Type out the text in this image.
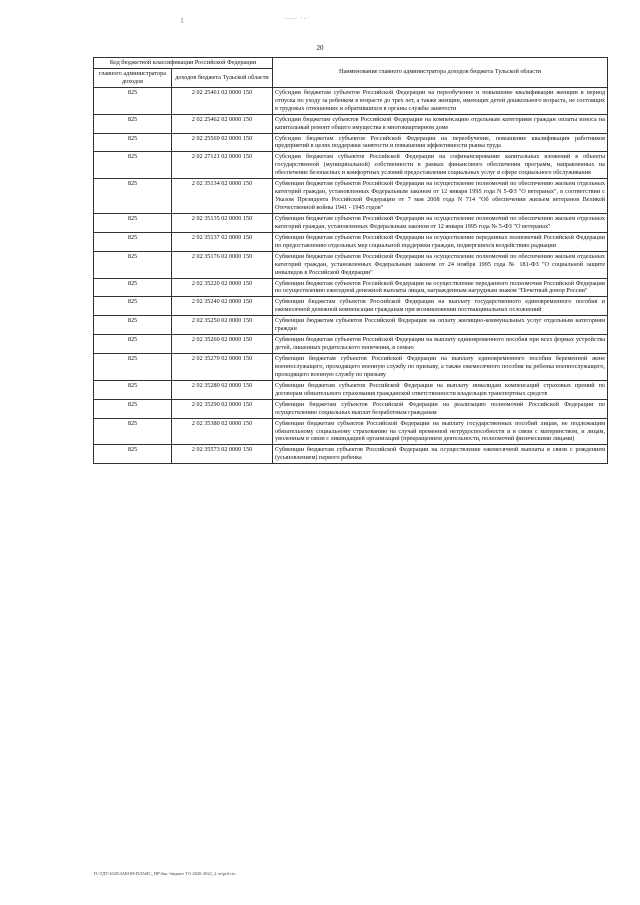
1	·–— ·-·
20
Код бюджетной классификации Российской Федерации		Наименование главного администратора доходов бюджета Тульской области
главного администратора доходов	доходов бюджета Тульской области	
825	2 02 25461 02 0000 150	Субсидии бюджетам субъектов Российской Федерации на переобучение и повышение квалификации женщин в период отпуска по уходу за ребенком в возрасте до трех лет, а также женщин, имеющих детей дошкольного возраста, не состоящих в трудовых отношениях и обратившихся в органы службы занятости
825	2 02 25462 02 0000 150	Субсидии бюджетам субъектов Российской Федерации на компенсацию отдельным категориям граждан оплаты взноса на капитальный ремонт общего имущества в многоквартирном доме
825	2 02 25569 02 0000 150	Субсидии бюджетам субъектов Российской Федерации на переобучение, повышение квалификации работников предприятий в целях поддержки занятости и повышения эффективности рынка труда
825	2 02 27121 02 0000 150	Субсидии бюджетам субъектов Российской Федерации на софинансирование капитальных вложений в объекты государственной (муниципальной) собственности в рамках финансового обеспечения программ, направленных на обеспечение безопасных и комфортных условий предоставления социальных услуг в сфере социального обслуживания
825	2 02 35134 02 0000 150	Субвенции бюджетам субъектов Российской Федерации на осуществление полномочий по обеспечению жильем отдельных категорий граждан, установленных Федеральным законом от 12 января 1995 года N 5-ФЗ "О ветеранах", в соответствии с Указом Президента Российской Федерации от 7 мая 2008 года N 714 "Об обеспечении жильем ветеранов Великой Отечественной войны 1941 - 1945 годов"
825	2 02 35135 02 0000 150	Субвенции бюджетам субъектов Российской Федерации на осуществление полномочий по обеспечению жильем отдельных категорий граждан, установленных Федеральным законом от 12 января 1995 года № 5-ФЗ "О ветеранах"
825	2 02 35137 02 0000 150	Субвенции бюджетам субъектов Российской Федерации на осуществление переданных полномочий Российской Федерации по предоставлению отдельных мер социальной поддержки граждан, подвергшихся воздействию радиации
825	2 02 35176 02 0000 150	Субвенции бюджетам субъектов Российской Федерации на осуществление полномочий по обеспечению жильем отдельных категорий граждан, установленных Федеральным законом от 24 ноября 1995 года № 181-ФЗ "О социальной защите инвалидов в Российской Федерации"
825	2 02 35220 02 0000 150	Субвенции бюджетам субъектов Российской Федерации на осуществление переданного полномочия Российской Федерации по осуществлению ежегодной денежной выплаты лицам, награжденным нагрудным знаком "Почетный донор России"
825	2 02 35240 02 0000 150	Субвенции бюджетам субъектов Российской Федерации на выплату государственного единовременного пособия и ежемесячной денежной компенсации гражданам при возникновении поствакцинальных осложнений
825	2 02 35250 02 0000 150	Субвенции бюджетам субъектов Российской Федерации на оплату жилищно-коммунальных услуг отдельным категориям граждан
825	2 02 35260 02 0000 150	Субвенции бюджетам субъектов Российской Федерации на выплату единовременного пособия при всех формах устройства детей, лишенных родительского попечения, в семью
825	2 02 35270 02 0000 150	Субвенции бюджетам субъектов Российской Федерации на выплату единовременного пособия беременной жене военнослужащего, проходящего военную службу по призыву, а также ежемесячного пособия на ребенка военнослужащего, проходящего военную службу по призыву
825	2 02 35280 02 0000 150	Субвенции бюджетам субъектов Российской Федерации на выплату инвалидам компенсаций страховых премий по договорам обязательного страхования гражданской ответственности владельцев транспортных средств
825	2 02 35290 02 0000 150	Субвенции бюджетам субъектов Российской Федерации на реализацию полномочий Российской Федерации по осуществлению социальных выплат безработным гражданам
825	2 02 35380 02 0000 150	Субвенции бюджетам субъектов Российской Федерации на выплату государственных пособий лицам, не подлежащим обязательному социальному страхованию на случай временной нетрудоспособности и в связи с материнством, и лицам, уволенным в связи с ликвидацией организаций (прекращением деятельности, полномочий физическими лицами)
825	2 02 35573 02 0000 150	Субвенции бюджетам субъектов Российской Федерации на осуществление ежемесячной выплаты в связи с рождением (усыновлением) первого ребенка
D:\ТДТ\2020\ЗАКОН\ПЛАНС_ПР\Зак. бюджет ТО 2020-2022_2 чт\pril.rtx
